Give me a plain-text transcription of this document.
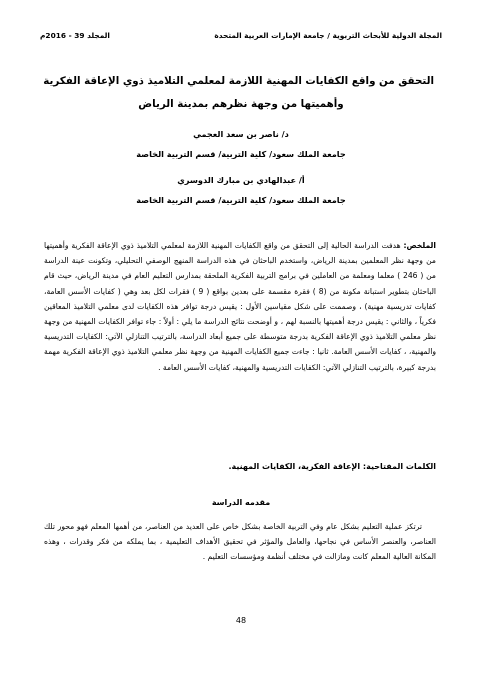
المجلة الدولية للأبحاث التربوية / جامعة الإمارات العربية المتحدة
المجلد 39 - 2016م
التحقق من واقع الكفايات المهنية اللازمة لمعلمي التلاميذ ذوي الإعاقة الفكرية
وأهميتها من وجهة نظرهم بمدينة الرياض
د/ ناصر بن سعد العجمي
جامعة الملك سعود/ كلية التربية/ قسم التربية الخاصة
أ/ عبدالهادي بن مبارك الدوسري
جامعة الملك سعود/ كلية التربية/ قسم التربية الخاصة
الملخص: هدفت الدراسة الحالية إلى التحقق من واقع الكفايات المهنية اللازمة لمعلمي التلاميذ ذوي الإعاقة الفكرية وأهميتها من وجهة نظر المعلمين بمدينة الرياض، واستخدم الباحثان في هذه الدراسة المنهج الوصفي التحليلي، وتكونت عينة الدراسة من ( 246 ) معلما ومعلمة من العاملين في برامج التربية الفكرية الملحقة بمدارس التعليم العام في مدينة الرياض، حيث قام الباحثان بتطوير استبانة مكونة من (8 ) فقرة مقسمة على بعدين بواقع ( 9 ) فقرات لكل بعد وهي ( كفايات الأسس العامة، كفايات تدريسية مهنية) ، وصممت على شكل مقياسين الأول : يقيس درجة توافر هذه الكفايات لدى معلمي التلاميذ المعاقين فكرياً ، والثاني : يقيس درجة أهميتها بالنسبة لهم ، و أوضحت نتائج الدراسة ما يلي : أولاً : جاء توافر الكفايات المهنية من وجهة نظر معلمي التلاميذ ذوي الإعاقة الفكرية بدرجة متوسطة على جميع أبعاد الدراسة، بالترتيب التنازلي الآتي: الكفايات التدريسية والمهنية، ، كفايات الأسس العامة. ثانيا : جاءت جميع الكفايات المهنية من وجهة نظر معلمي التلاميذ ذوي الإعاقة الفكرية مهمة بدرجة كبيرة، بالترتيب التنازلي الآتي: الكفايات التدريسية والمهنية، كفايات الأسس العامة .
الكلمات المفتاحية: الإعاقة الفكرية، الكفايات المهنية.
مقدمه الدراسة
ترتكز عملية التعليم بشكل عام وفي التربية الخاصة بشكل خاص على العديد من العناصر، من أهمها المعلم فهو محور تلك العناصر، والعنصر الأساس في نجاحها، والعامل والمؤثر في تحقيق الأهداف التعليمية ، بما يملكه من فكر وقدرات ، وهذه المكانة العالية المعلم كانت ومازالت في مختلف أنظمة ومؤسسات التعليم .
48
